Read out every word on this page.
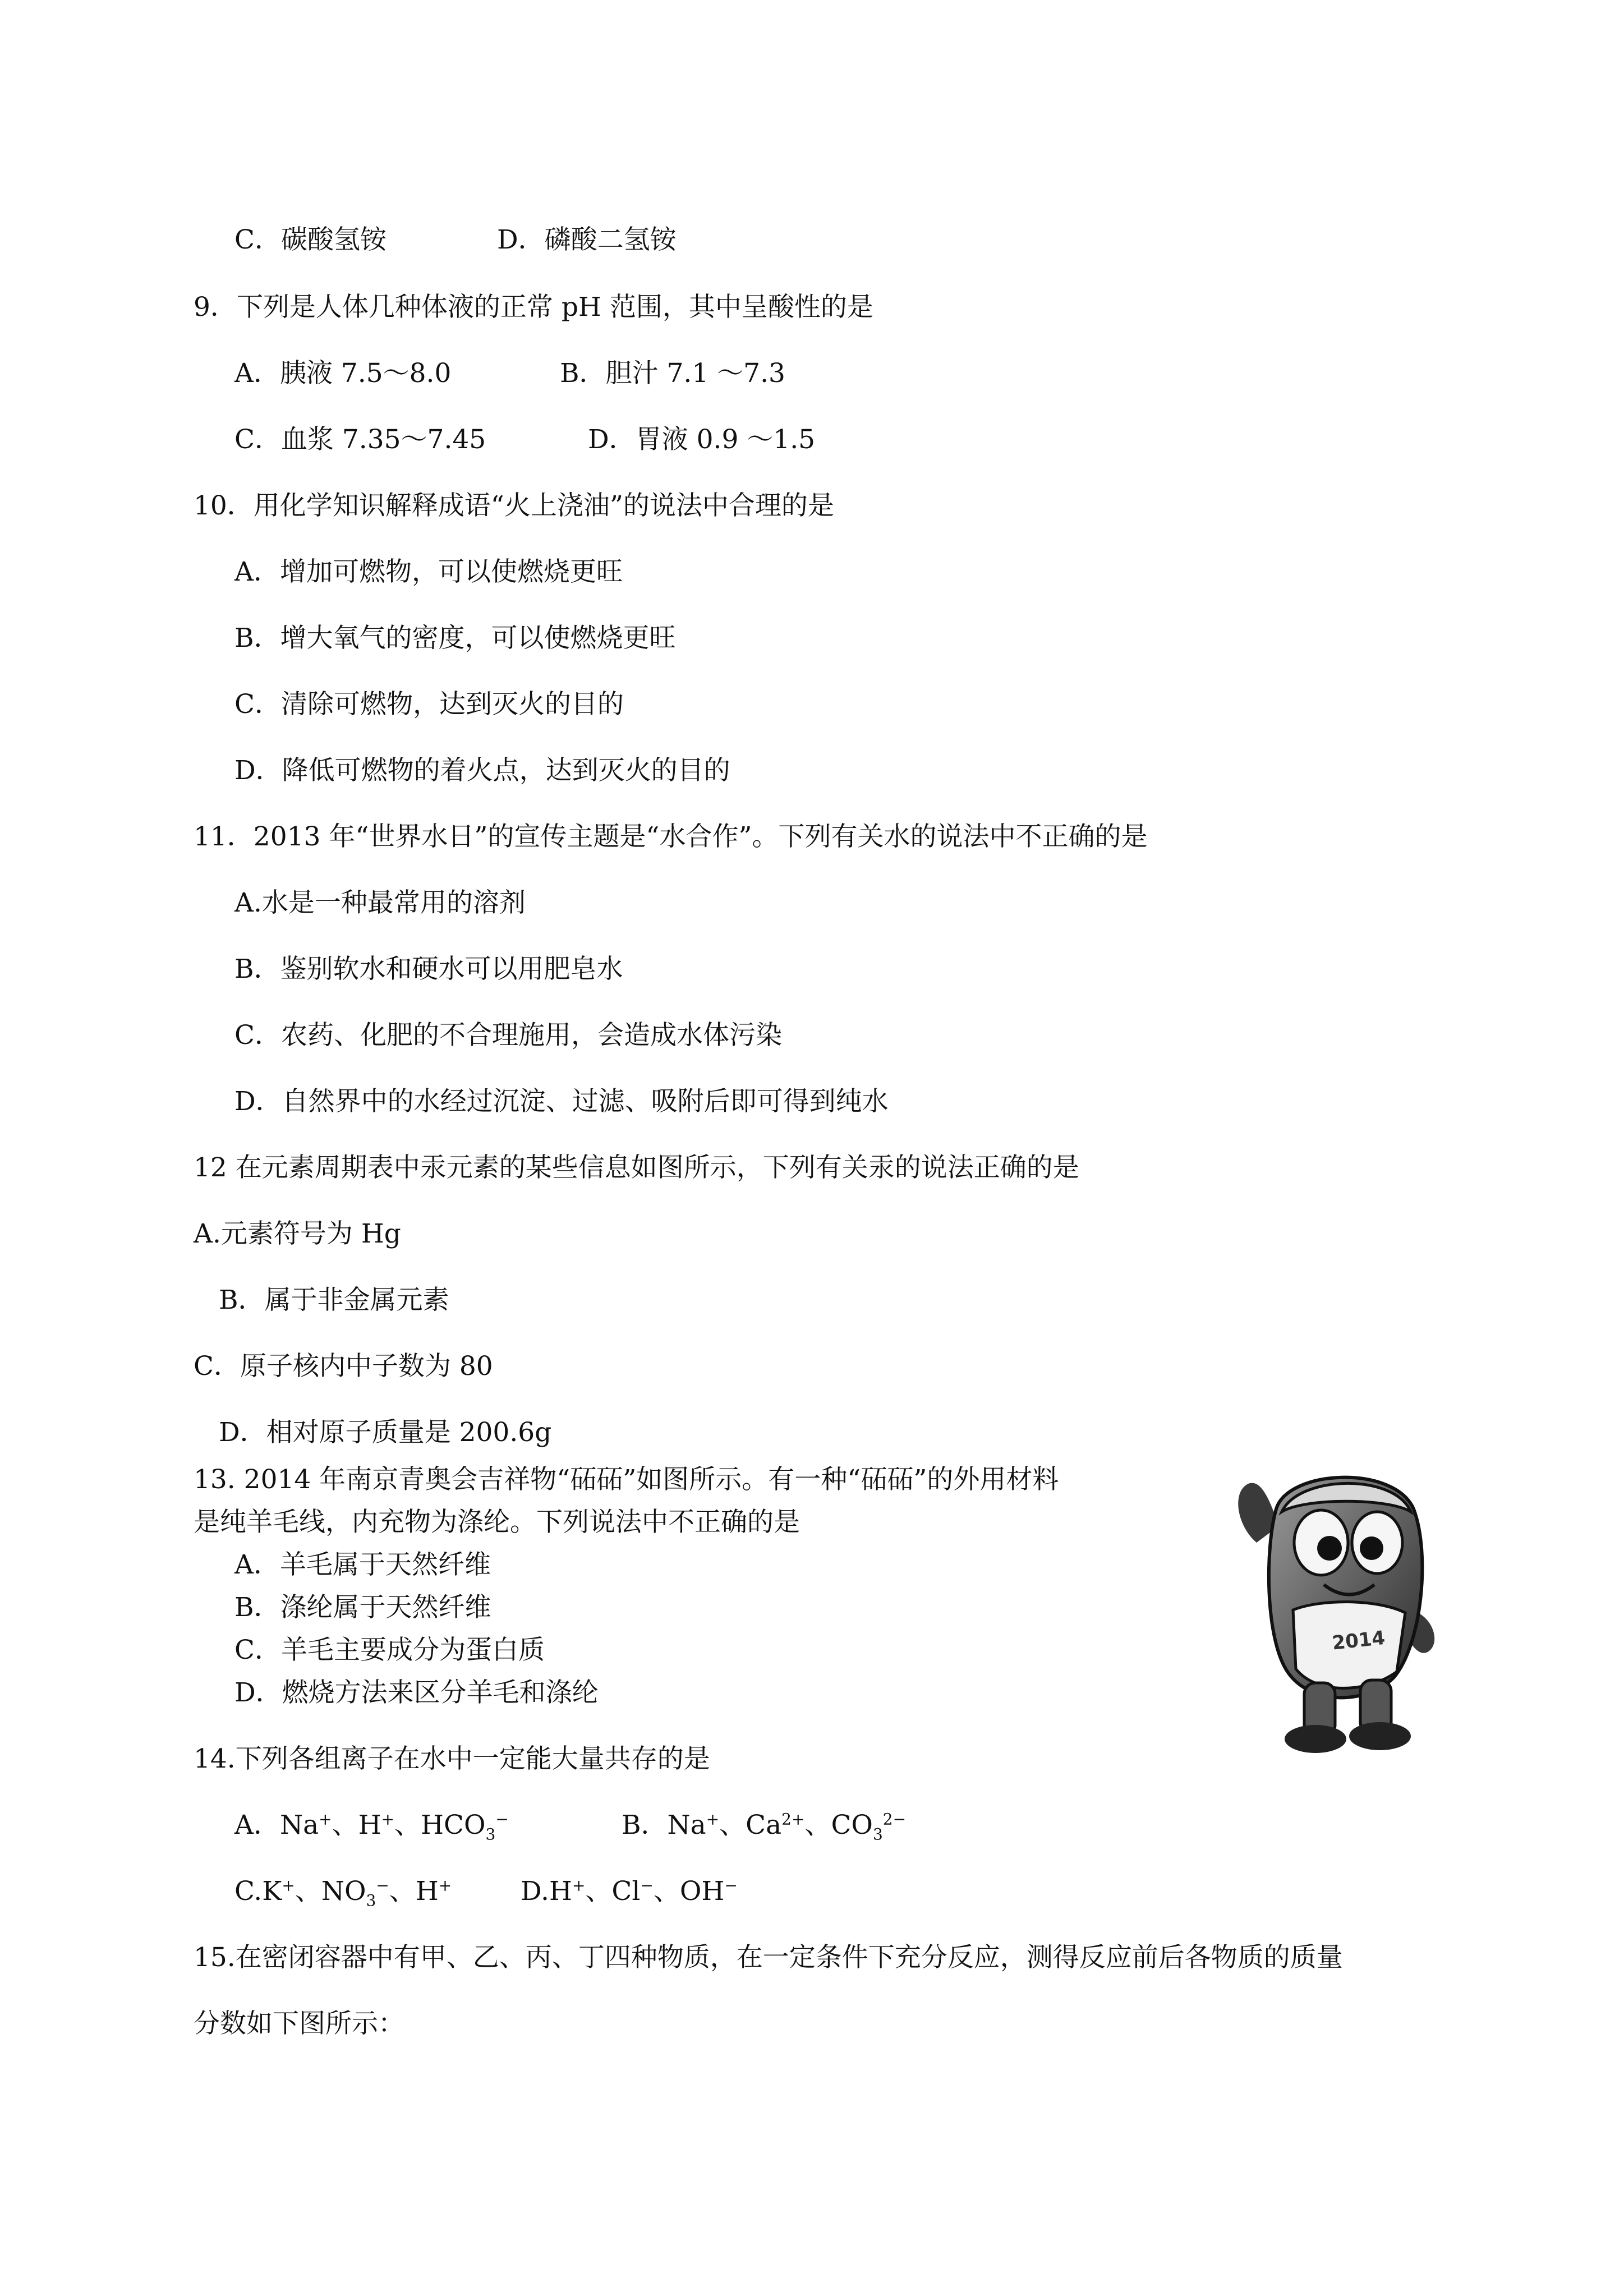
C．碳酸氢铵	D．磷酸二氢铵
9．下列是人体几种体液的正常 pH 范围，其中呈酸性的是
A．胰液 7.5～8.0	B．胆汁 7.1 ～7.3
C．血浆 7.35～7.45	D．胃液 0.9 ～1.5
10．用化学知识解释成语“火上浇油”的说法中合理的是
A．增加可燃物，可以使燃烧更旺
B．增大氧气的密度，可以使燃烧更旺
C．清除可燃物，达到灭火的目的
D．降低可燃物的着火点，达到灭火的目的
11．2013 年“世界水日”的宣传主题是“水合作”。下列有关水的说法中不正确的是
A.水是一种最常用的溶剂
B．鉴别软水和硬水可以用肥皂水
C．农药、化肥的不合理施用，会造成水体污染
D．自然界中的水经过沉淀、过滤、吸附后即可得到纯水
12 在元素周期表中汞元素的某些信息如图所示，下列有关汞的说法正确的是
A.元素符号为 Hg
B．属于非金属元素
C．原子核内中子数为 80
D．相对原子质量是 200.6g
13. 2014 年南京青奥会吉祥物“砳砳”如图所示。有一种“砳砳”的外用材料
是纯羊毛线，内充物为涤纶。下列说法中不正确的是
A．羊毛属于天然纤维
B．涤纶属于天然纤维
C．羊毛主要成分为蛋白质
D．燃烧方法来区分羊毛和涤纶
2014
14.下列各组离子在水中一定能大量共存的是
A．Na+、H+、$HCO_3^-$	B．Na+、$Ca^{2+}$、$CO_3^{2-}$
C.K+、$NO_3^-$、H+	D.H+、Cl−、OH−
15.在密闭容器中有甲、乙、丙、丁四种物质，在一定条件下充分反应，测得反应前后各物质的质量
分数如下图所示：
